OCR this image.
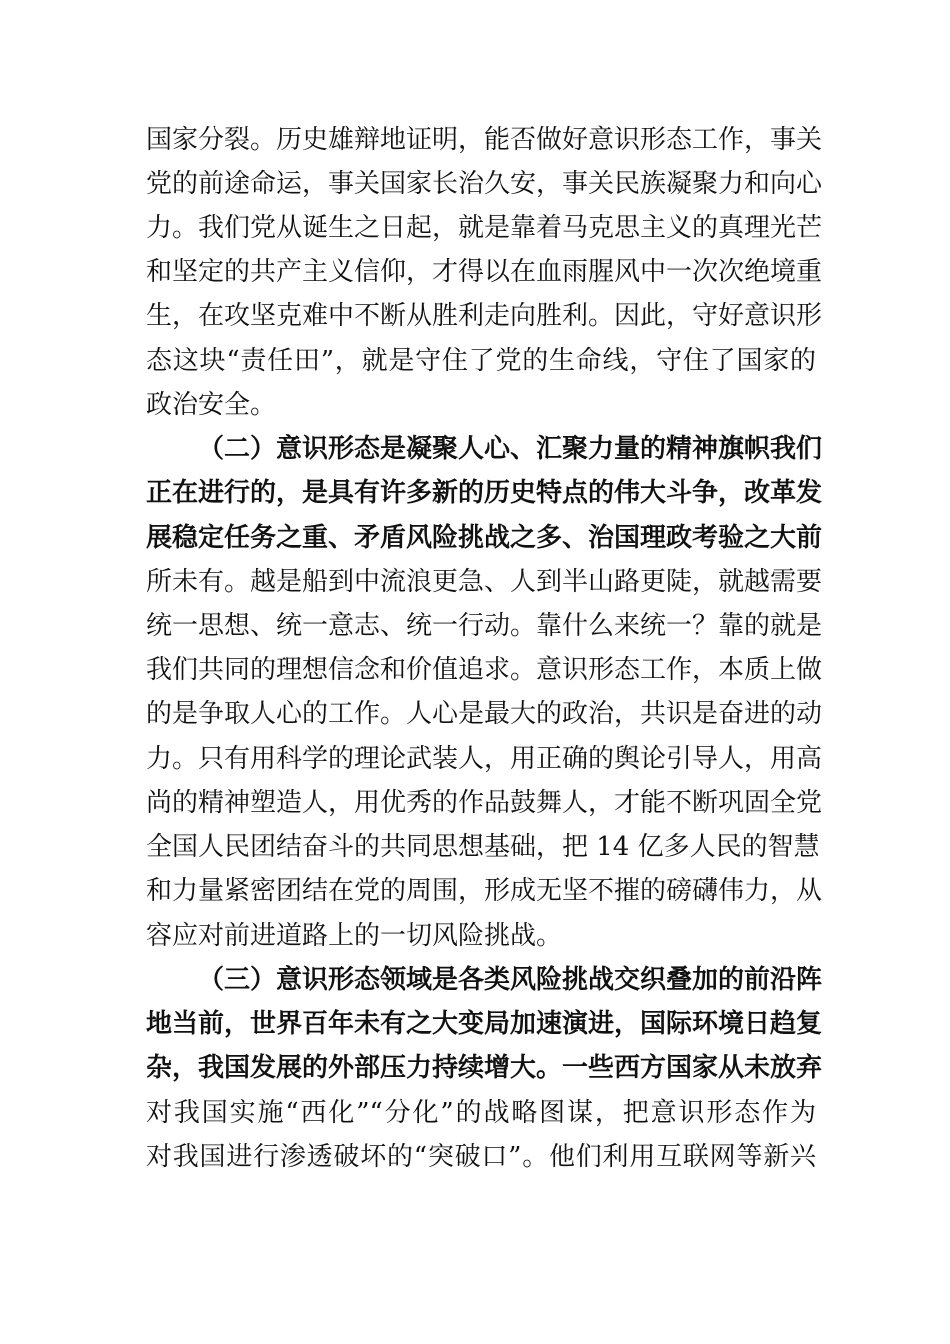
国家分裂。历史雄辩地证明，能否做好意识形态工作，事关
党的前途命运，事关国家长治久安，事关民族凝聚力和向心
力。我们党从诞生之日起，就是靠着马克思主义的真理光芒
和坚定的共产主义信仰，才得以在血雨腥风中一次次绝境重
生，在攻坚克难中不断从胜利走向胜利。因此，守好意识形
态这块“责任田”，就是守住了党的生命线，守住了国家的
政治安全。
（二）意识形态是凝聚人心、汇聚力量的精神旗帜我们
正在进行的，是具有许多新的历史特点的伟大斗争，改革发
展稳定任务之重、矛盾风险挑战之多、治国理政考验之大前
所未有。越是船到中流浪更急、人到半山路更陡，就越需要
统一思想、统一意志、统一行动。靠什么来统一？靠的就是
我们共同的理想信念和价值追求。意识形态工作，本质上做
的是争取人心的工作。人心是最大的政治，共识是奋进的动
力。只有用科学的理论武装人，用正确的舆论引导人，用高
尚的精神塑造人，用优秀的作品鼓舞人，才能不断巩固全党
全国人民团结奋斗的共同思想基础，把 14 亿多人民的智慧
和力量紧密团结在党的周围，形成无坚不摧的磅礴伟力，从
容应对前进道路上的一切风险挑战。
（三）意识形态领域是各类风险挑战交织叠加的前沿阵
地当前，世界百年未有之大变局加速演进，国际环境日趋复
杂，我国发展的外部压力持续增大。一些西方国家从未放弃
对我国实施“西化”“分化”的战略图谋，把意识形态作为
对我国进行渗透破坏的“突破口”。他们利用互联网等新兴
